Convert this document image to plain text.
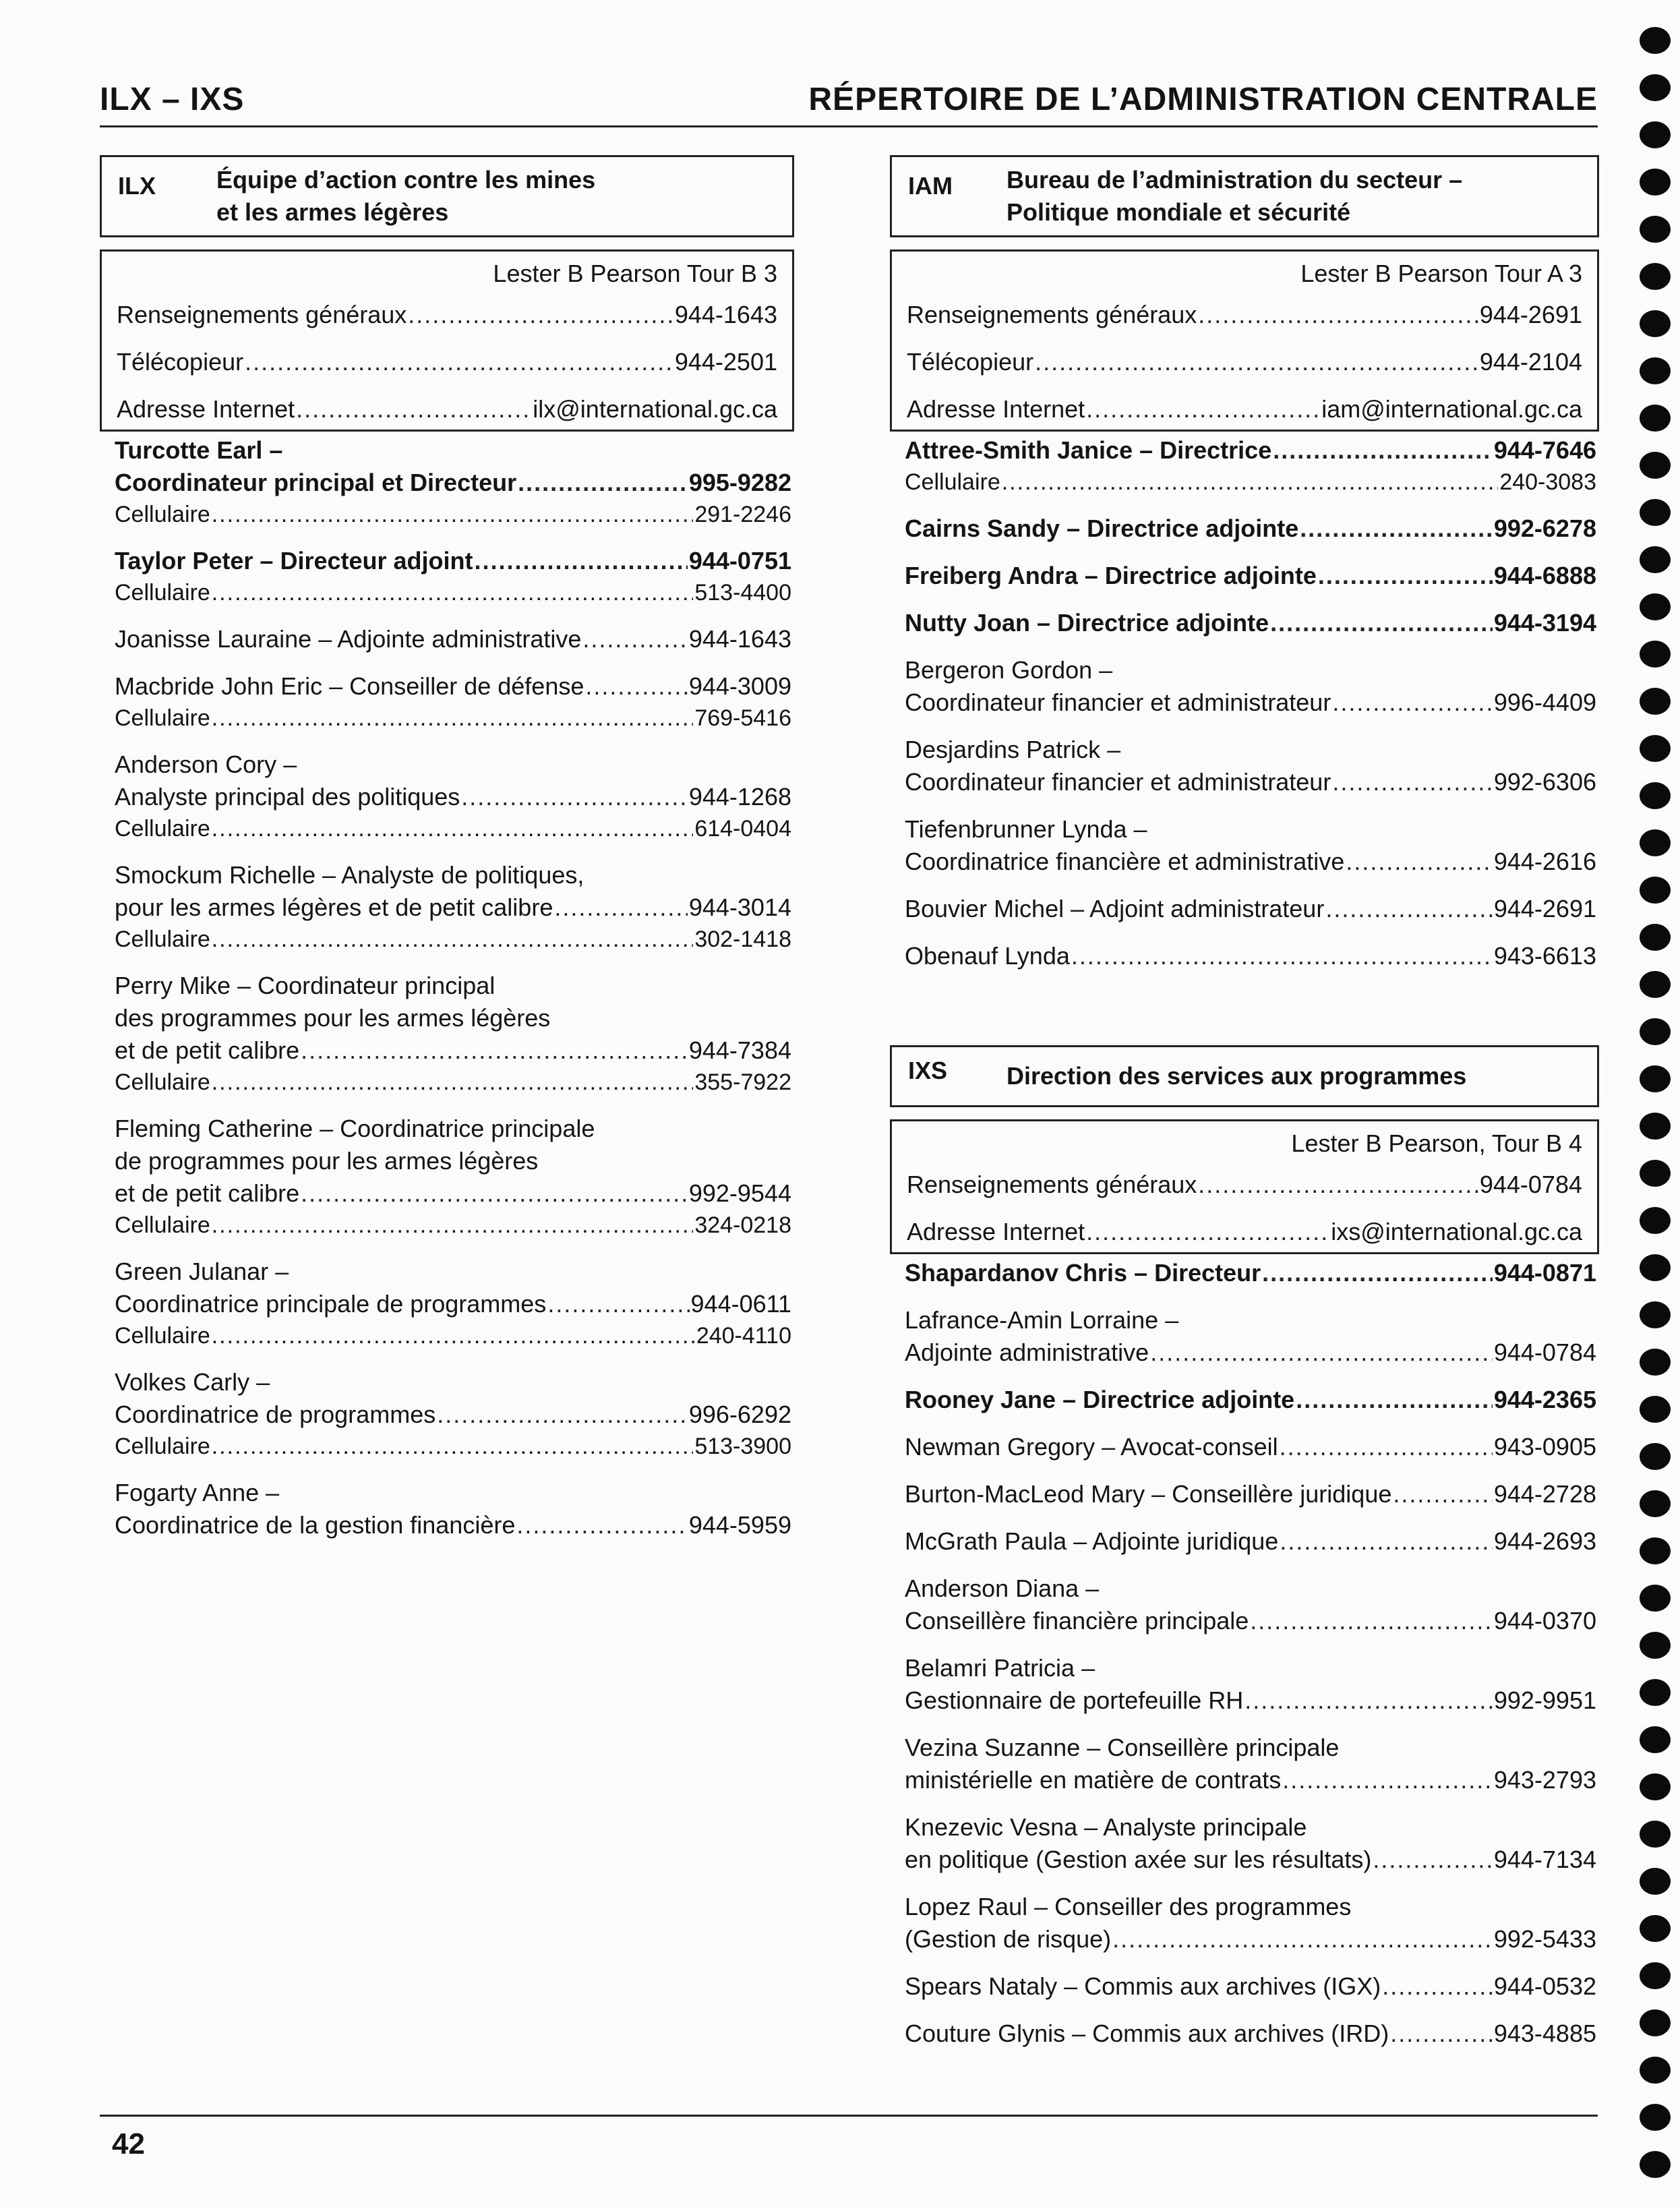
ILX – IXS	RÉPERTOIRE DE L’ADMINISTRATION CENTRALE
ILX	Équipe d’action contre les mines
et les armes légères
Lester B Pearson Tour B 3
Renseignements généraux .....	944-1643
Télécopieur .....	944-2501
Adresse Internet .....	ilx@international.gc.ca
Turcotte Earl –
Coordinateur principal et Directeur .....	995-9282
Cellulaire .....	291-2246
Taylor Peter – Directeur adjoint .....	944-0751
Cellulaire .....	513-4400
Joanisse Lauraine – Adjointe administrative .....	944-1643
Macbride John Eric – Conseiller de défense .....	944-3009
Cellulaire .....	769-5416
Anderson Cory –
Analyste principal des politiques .....	944-1268
Cellulaire .....	614-0404
Smockum Richelle – Analyste de politiques,
pour les armes légères et de petit calibre .....	944-3014
Cellulaire .....	302-1418
Perry Mike – Coordinateur principal
des programmes pour les armes légères
et de petit calibre .....	944-7384
Cellulaire .....	355-7922
Fleming Catherine – Coordinatrice principale
de programmes pour les armes légères
et de petit calibre .....	992-9544
Cellulaire .....	324-0218
Green Julanar –
Coordinatrice principale de programmes .....	944-0611
Cellulaire .....	240-4110
Volkes Carly –
Coordinatrice de programmes .....	996-6292
Cellulaire .....	513-3900
Fogarty Anne –
Coordinatrice de la gestion financière .....	944-5959
IAM	Bureau de l’administration du secteur –
Politique mondiale et sécurité
Lester B Pearson Tour A 3
Renseignements généraux .....	944-2691
Télécopieur .....	944-2104
Adresse Internet .....	iam@international.gc.ca
Attree-Smith Janice – Directrice .....	944-7646
Cellulaire .....	240-3083
Cairns Sandy – Directrice adjointe .....	992-6278
Freiberg Andra – Directrice adjointe .....	944-6888
Nutty Joan – Directrice adjointe .....	944-3194
Bergeron Gordon –
Coordinateur financier et administrateur .....	996-4409
Desjardins Patrick –
Coordinateur financier et administrateur .....	992-6306
Tiefenbrunner Lynda –
Coordinatrice financière et administrative .....	944-2616
Bouvier Michel – Adjoint administrateur .....	944-2691
Obenauf Lynda .....	943-6613
IXS	Direction des services aux programmes
Lester B Pearson, Tour B 4
Renseignements généraux .....	944-0784
Adresse Internet .....	ixs@international.gc.ca
Shapardanov Chris – Directeur .....	944-0871
Lafrance-Amin Lorraine –
Adjointe administrative .....	944-0784
Rooney Jane – Directrice adjointe .....	944-2365
Newman Gregory – Avocat-conseil .....	943-0905
Burton-MacLeod Mary – Conseillère juridique .....	944-2728
McGrath Paula – Adjointe juridique .....	944-2693
Anderson Diana –
Conseillère financière principale .....	944-0370
Belamri Patricia –
Gestionnaire de portefeuille RH .....	992-9951
Vezina Suzanne – Conseillère principale
ministérielle en matière de contrats .....	943-2793
Knezevic Vesna – Analyste principale
en politique (Gestion axée sur les résultats) .....	944-7134
Lopez Raul – Conseiller des programmes
(Gestion de risque) .....	992-5433
Spears Nataly – Commis aux archives (IGX) .....	944-0532
Couture Glynis – Commis aux archives (IRD) .....	943-4885
42
